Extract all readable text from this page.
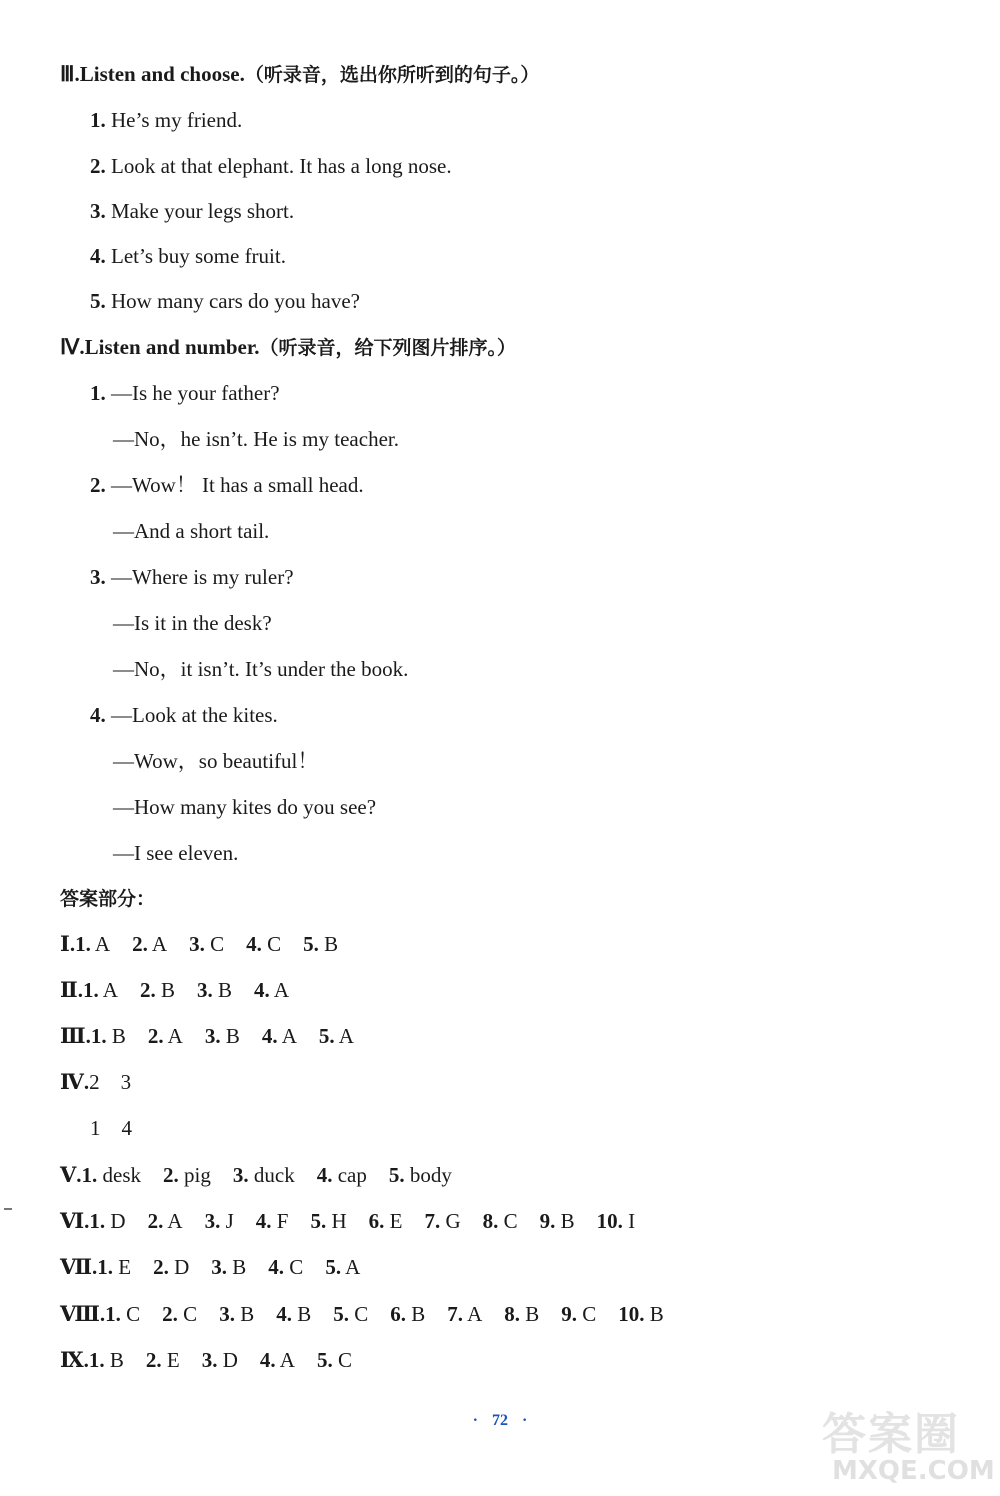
Ⅲ.Listen and choose.（听录音，选出你所听到的句子。）
1. He’s my friend.
2. Look at that elephant. It has a long nose.
3. Make your legs short.
4. Let’s buy some fruit.
5. How many cars do you have?
Ⅳ.Listen and number.（听录音，给下列图片排序。）
1. —Is he your father?
—No，he isn’t. He is my teacher.
2. —Wow！ It has a small head.
—And a short tail.
3. —Where is my ruler?
—Is it in the desk?
—No，it isn’t. It’s under the book.
4. —Look at the kites.
—Wow，so beautiful！
—How many kites do you see?
—I see eleven.
答案部分：
Ⅰ.1. A 2. A 3. C 4. C 5. B
Ⅱ.1. A 2. B 3. B 4. A
Ⅲ.1. B 2. A 3. B 4. A 5. A
Ⅳ.2    3
1    4
Ⅴ.1. desk 2. pig 3. duck 4. cap 5. body
Ⅵ.1. D 2. A 3. J 4. F 5. H 6. E 7. G 8. C 9. B 10. I
Ⅶ.1. E 2. D 3. B 4. C 5. A
Ⅷ.1. C 2. C 3. B 4. B 5. C 6. B 7. A 8. B 9. C 10. B
Ⅸ.1. B 2. E 3. D 4. A 5. C
· 72 ·	答案圈
MXQE.COM
